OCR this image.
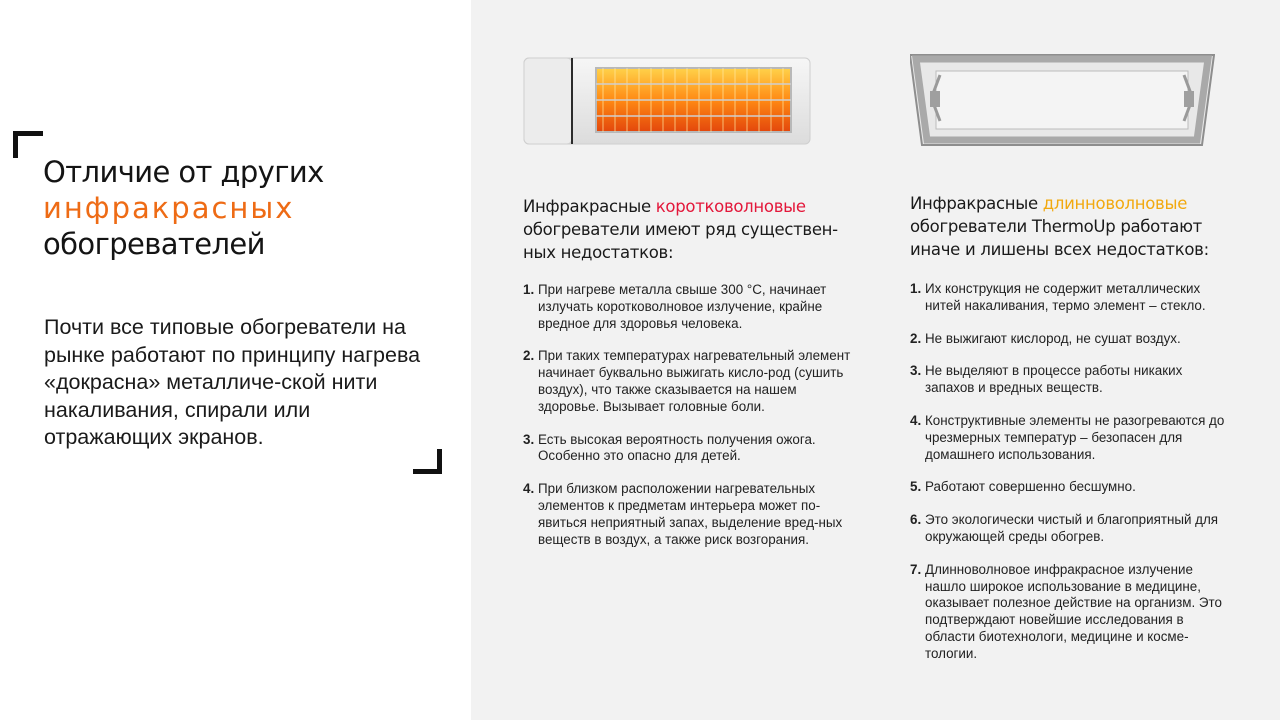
Отличие от других
инфракрасных
обогревателей

Почти все типовые обогреватели на рынке работают по принципу нагрева «докрасна» металличе-ской нити накаливания, спирали или отражающих экранов.

Инфракрасные коротковолновые
обогреватели имеют ряд существен-
ных недостатков:
1. При нагреве металла свыше 300 °С, начинает излучать коротковолновое излучение, крайне вредное для здоровья человека.
2. При таких температурах нагревательный элемент начинает буквально выжигать кисло-род (сушить воздух), что также сказывается на нашем здоровье. Вызывает головные боли.
3. Есть высокая вероятность получения ожога. Особенно это опасно для детей.
4. При близком расположении нагревательных элементов к предметам интерьера может по-явиться неприятный запах, выделение вред-ных веществ в воздух, а также риск возгорания.
Инфракрасные длинноволновые
обогреватели ThermoUp работают
иначе и лишены всех недостатков:
1. Их конструкция не содержит металлических нитей накаливания, термо элемент – стекло.
2. Не выжигают кислород, не сушат воздух.
3. Не выделяют в процессе работы никаких запахов и вредных веществ.
4. Конструктивные элементы не разогреваются до чрезмерных температур – безопасен для домашнего использования.
5. Работают совершенно бесшумно.
6. Это экологически чистый и благоприятный для окружающей среды обогрев.
7. Длинноволновое инфракрасное излучение нашло широкое использование в медицине, оказывает полезное действие на организм. Это подтверждают новейшие исследования в области биотехнологи, медицине и косме-тологии.
